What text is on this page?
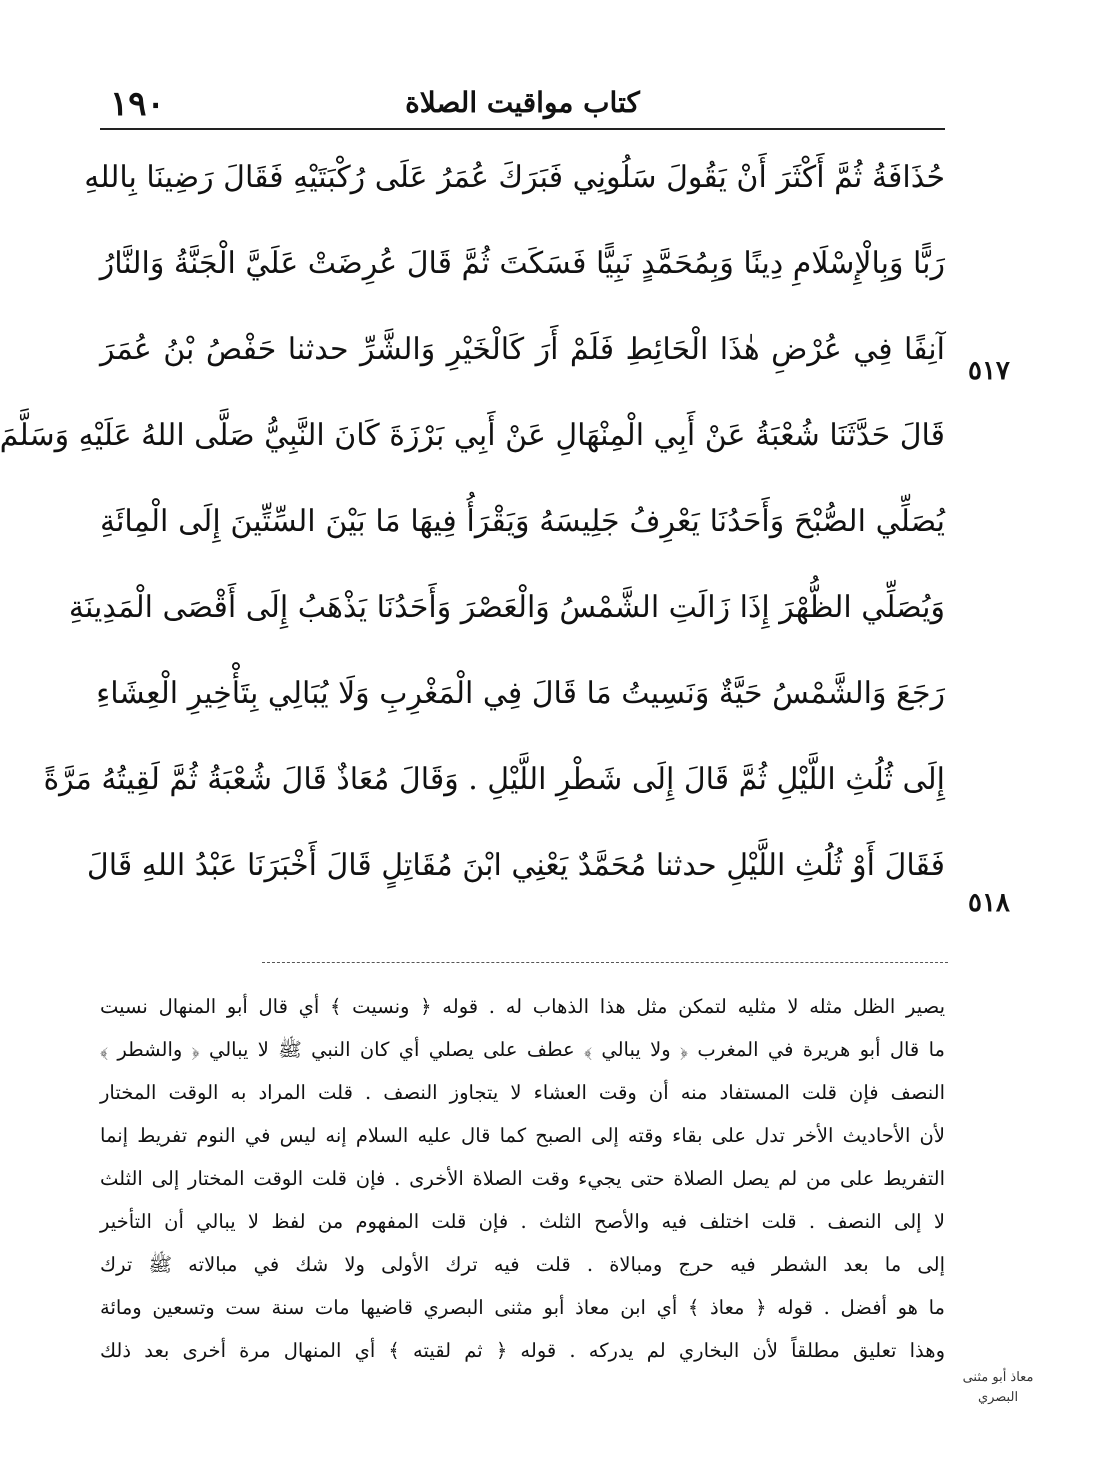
١٩٠	كتاب مواقيت الصلاة
حُذَافَةُ ثُمَّ أَكْثَرَ أَنْ يَقُولَ سَلُونِي فَبَرَكَ عُمَرُ عَلَى رُكْبَتَيْهِ فَقَالَ رَضِينَا بِاللهِ
رَبًّا وَبِالْإِسْلَامِ دِينًا وَبِمُحَمَّدٍ نَبِيًّا فَسَكَتَ ثُمَّ قَالَ عُرِضَتْ عَلَيَّ الْجَنَّةُ وَالنَّارُ
آنِفًا فِي عُرْضِ هٰذَا الْحَائِطِ فَلَمْ أَرَ كَالْخَيْرِ وَالشَّرِّ حدثنا حَفْصُ بْنُ عُمَرَ
قَالَ حَدَّثَنَا شُعْبَةُ عَنْ أَبِي الْمِنْهَالِ عَنْ أَبِي بَرْزَةَ كَانَ النَّبِيُّ صَلَّى اللهُ عَلَيْهِ وَسَلَّمَ
يُصَلِّي الصُّبْحَ وَأَحَدُنَا يَعْرِفُ جَلِيسَهُ وَيَقْرَأُ فِيهَا مَا بَيْنَ السِّتِّينَ إِلَى الْمِائَةِ
وَيُصَلِّي الظُّهْرَ إِذَا زَالَتِ الشَّمْسُ وَالْعَصْرَ وَأَحَدُنَا يَذْهَبُ إِلَى أَقْصَى الْمَدِينَةِ
رَجَعَ وَالشَّمْسُ حَيَّةٌ وَنَسِيتُ مَا قَالَ فِي الْمَغْرِبِ وَلَا يُبَالِي بِتَأْخِيرِ الْعِشَاءِ
إِلَى ثُلُثِ اللَّيْلِ ثُمَّ قَالَ إِلَى شَطْرِ اللَّيْلِ . وَقَالَ مُعَاذٌ قَالَ شُعْبَةُ ثُمَّ لَقِيتُهُ مَرَّةً
فَقَالَ أَوْ ثُلُثِ اللَّيْلِ حدثنا مُحَمَّدٌ يَعْنِي ابْنَ مُقَاتِلٍ قَالَ أَخْبَرَنَا عَبْدُ اللهِ قَالَ
٥١٧
٥١٨
يصير الظل مثله لا مثليه لتمكن مثل هذا الذهاب له . قوله ﴿ ونسيت ﴾ أي قال أبو المنهال نسيت
ما قال أبو هريرة في المغرب ﴿ ولا يبالي ﴾ عطف على يصلي أي كان النبي ﷺ لا يبالي ﴿ والشطر ﴾
النصف فإن قلت المستفاد منه أن وقت العشاء لا يتجاوز النصف . قلت المراد به الوقت المختار
لأن الأحاديث الأخر تدل على بقاء وقته إلى الصبح كما قال عليه السلام إنه ليس في النوم تفريط إنما
التفريط على من لم يصل الصلاة حتى يجيء وقت الصلاة الأخرى . فإن قلت الوقت المختار إلى الثلث
لا إلى النصف . قلت اختلف فيه والأصح الثلث . فإن قلت المفهوم من لفظ لا يبالي أن التأخير
إلى ما بعد الشطر فيه حرج ومبالاة . قلت فيه ترك الأولى ولا شك في مبالاته ﷺ ترك
ما هو أفضل . قوله ﴿ معاذ ﴾ أي ابن معاذ أبو مثنى البصري قاضيها مات سنة ست وتسعين ومائة
وهذا تعليق مطلقاً لأن البخاري لم يدركه . قوله ﴿ ثم لقيته ﴾ أي المنهال مرة أخرى بعد ذلك
معاذ أبو مثنى
البصري
